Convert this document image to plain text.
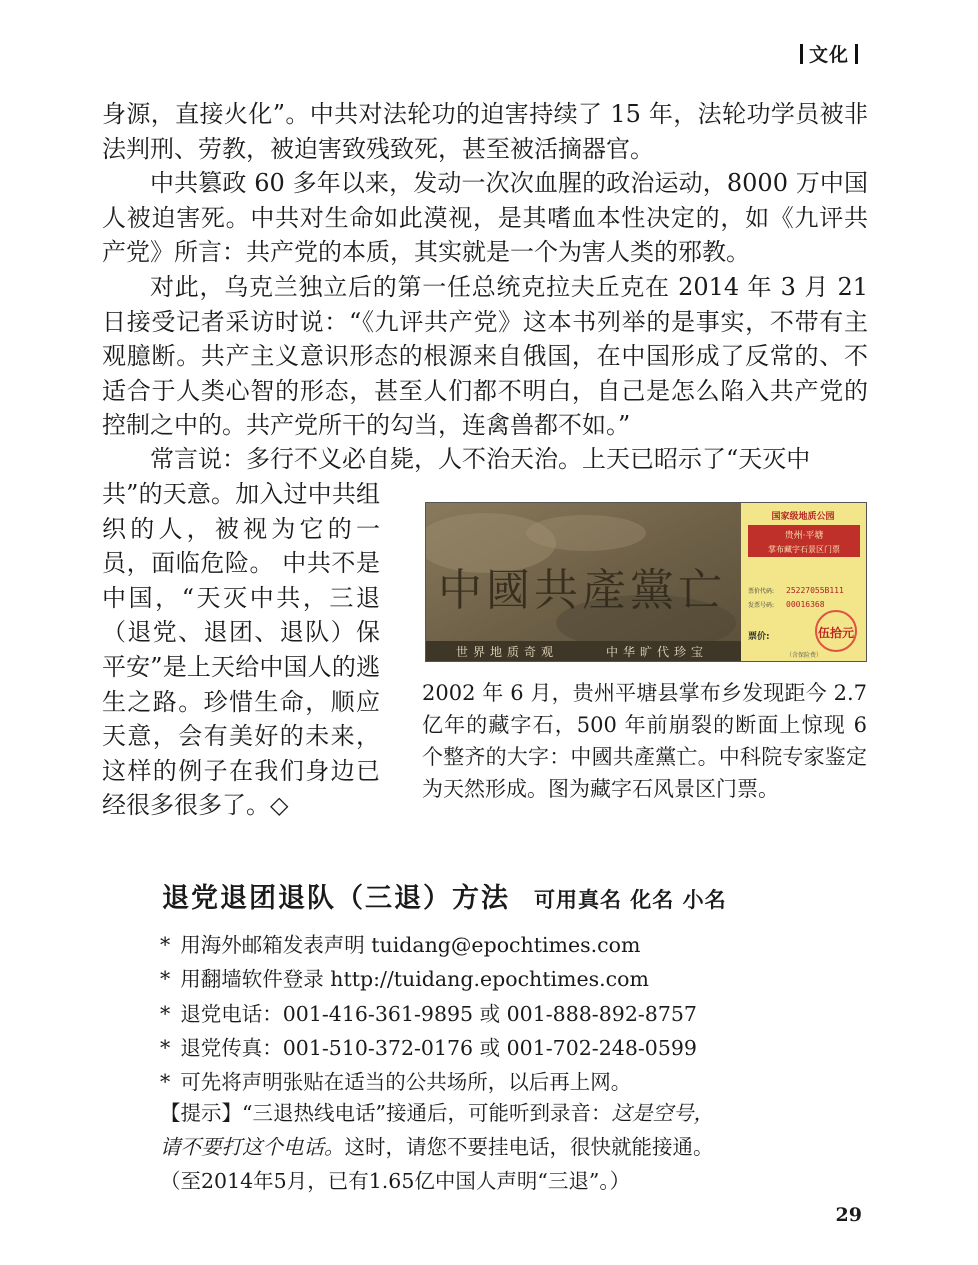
文化

身源，直接火化”。中共对法轮功的迫害持续了 15 年，法轮功学员被非法判刑、劳教，被迫害致残致死，甚至被活摘器官。

中共篡政 60 多年以来，发动一次次血腥的政治运动，8000 万中国人被迫害死。中共对生命如此漠视，是其嗜血本性决定的，如《九评共产党》所言：共产党的本质，其实就是一个为害人类的邪教。

对此，乌克兰独立后的第一任总统克拉夫丘克在 2014 年 3 月 21 日接受记者采访时说：“《九评共产党》这本书列举的是事实，不带有主观臆断。共产主义意识形态的根源来自俄国，在中国形成了反常的、不适合于人类心智的形态，甚至人们都不明白，自己是怎么陷入共产党的控制之中的。共产党所干的勾当，连禽兽都不如。”

常言说：多行不义必自毙，人不治天治。上天已昭示了“天灭中

共”的天意。加入过中共组织的人，被视为它的一员，面临危险。 中共不是中国，“天灭中共，三退（退党、退团、退队）保平安”是上天给中国人的逃生之路。珍惜生命，顺应天意，会有美好的未来，这样的例子在我们身边已经很多很多了。◇

中國共產黨亡
世界地质奇观	中华旷代珍宝
国家级地质公园
贵州·平塘
掌布藏字石景区门票
票价代码: 25227055B111
发票号码: 00016368
票价:	伍拾元
（含保险费）

2002 年 6 月，贵州平塘县掌布乡发现距今 2.7 亿年的藏字石，500 年前崩裂的断面上惊现 6 个整齐的大字：中國共產黨亡。中科院专家鉴定为天然形成。图为藏字石风景区门票。

退党退团退队（三退）方法 可用真名 化名 小名
* 用海外邮箱发表声明 tuidang@epochtimes.com
* 用翻墙软件登录 http://tuidang.epochtimes.com
* 退党电话：001-416-361-9895 或 001-888-892-8757
* 退党传真：001-510-372-0176 或 001-702-248-0599
* 可先将声明张贴在适当的公共场所，以后再上网。

【提示】“三退热线电话”接通后，可能听到录音：这是空号，
请不要打这个电话。这时，请您不要挂电话，很快就能接通。
（至2014年5月，已有1.65亿中国人声明“三退”。）

29
